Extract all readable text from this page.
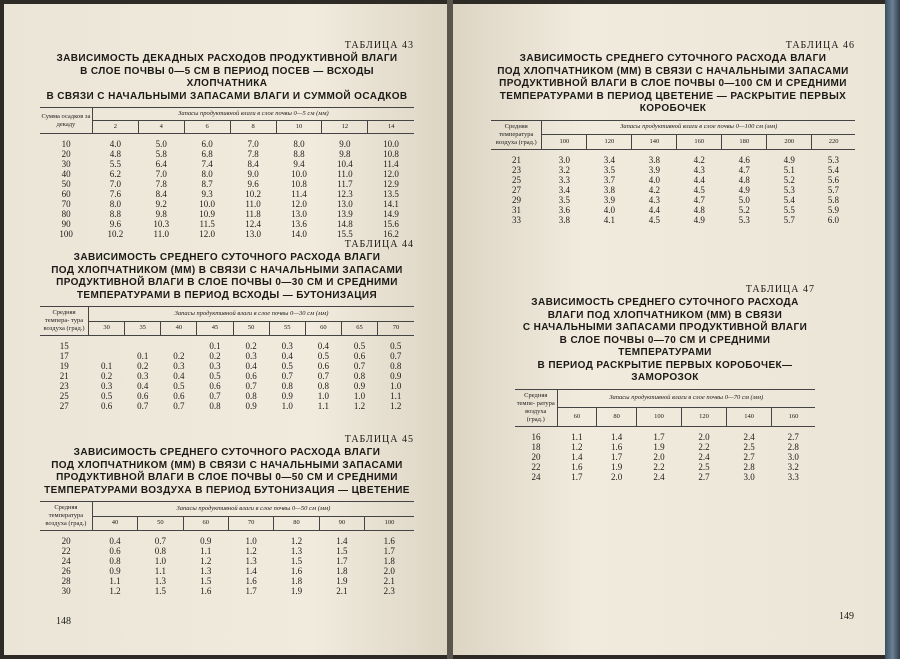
ТАБЛИЦА 43
ЗАВИСИМОСТЬ ДЕКАДНЫХ РАСХОДОВ ПРОДУКТИВНОЙ ВЛАГИ
В СЛОЕ ПОЧВЫ 0—5 СМ В ПЕРИОД ПОСЕВ — ВСХОДЫ ХЛОПЧАТНИКА
В СВЯЗИ С НАЧАЛЬНЫМИ ЗАПАСАМИ ВЛАГИ И СУММОЙ ОСАДКОВ
Сумма осадков за декаду	Запасы продуктивной влаги в слое почвы 0—5 см (мм)						
	2	4	6	8	10	12	14
10	4.0	5.0	6.0	7.0	8.0	9.0	10.0
20	4.8	5.8	6.8	7.8	8.8	9.8	10.8
30	5.5	6.4	7.4	8.4	9.4	10.4	11.4
40	6.2	7.0	8.0	9.0	10.0	11.0	12.0
50	7.0	7.8	8.7	9.6	10.8	11.7	12.9
60	7.6	8.4	9.3	10.2	11.4	12.3	13.5
70	8.0	9.2	10.0	11.0	12.0	13.0	14.1
80	8.8	9.8	10.9	11.8	13.0	13.9	14.9
90	9.6	10.3	11.5	12.4	13.6	14.8	15.6
100	10.2	11.0	12.0	13.0	14.0	15.5	16.2
ТАБЛИЦА 44
ЗАВИСИМОСТЬ СРЕДНЕГО СУТОЧНОГО РАСХОДА ВЛАГИ
ПОД ХЛОПЧАТНИКОМ (ММ) В СВЯЗИ С НАЧАЛЬНЫМИ ЗАПАСАМИ
ПРОДУКТИВНОЙ ВЛАГИ В СЛОЕ ПОЧВЫ 0—30 СМ И СРЕДНИМИ
ТЕМПЕРАТУРАМИ В ПЕРИОД ВСХОДЫ — БУТОНИЗАЦИЯ
Средняя темпера- тура воздуха (град.)	Запасы продуктивной влаги в слое почвы 0—30 см (мм)								
	30	35	40	45	50	55	60	65	70
15				0.1	0.2	0.3	0.4	0.5	0.5
17		0.1	0.2	0.2	0.3	0.4	0.5	0.6	0.7
19	0.1	0.2	0.3	0.3	0.4	0.5	0.6	0.7	0.8
21	0.2	0.3	0.4	0.5	0.6	0.7	0.7	0.8	0.9
23	0.3	0.4	0.5	0.6	0.7	0.8	0.8	0.9	1.0
25	0.5	0.6	0.6	0.7	0.8	0.9	1.0	1.0	1.1
27	0.6	0.7	0.7	0.8	0.9	1.0	1.1	1.2	1.2
ТАБЛИЦА 45
ЗАВИСИМОСТЬ СРЕДНЕГО СУТОЧНОГО РАСХОДА ВЛАГИ
ПОД ХЛОПЧАТНИКОМ (ММ) В СВЯЗИ С НАЧАЛЬНЫМИ ЗАПАСАМИ
ПРОДУКТИВНОЙ ВЛАГИ В СЛОЕ ПОЧВЫ 0—50 СМ И СРЕДНИМИ
ТЕМПЕРАТУРАМИ ВОЗДУХА В ПЕРИОД БУТОНИЗАЦИЯ — ЦВЕТЕНИЕ
Средняя температура воздуха (град.)	Запасы продуктивной влаги в слое почвы 0—50 см (мм)						
	40	50	60	70	80	90	100
20	0.4	0.7	0.9	1.0	1.2	1.4	1.6
22	0.6	0.8	1.1	1.2	1.3	1.5	1.7
24	0.8	1.0	1.2	1.3	1.5	1.7	1.8
26	0.9	1.1	1.3	1.4	1.6	1.8	2.0
28	1.1	1.3	1.5	1.6	1.8	1.9	2.1
30	1.2	1.5	1.6	1.7	1.9	2.1	2.3
148
ТАБЛИЦА 46
ЗАВИСИМОСТЬ СРЕДНЕГО СУТОЧНОГО РАСХОДА ВЛАГИ
ПОД ХЛОПЧАТНИКОМ (ММ) В СВЯЗИ С НАЧАЛЬНЫМИ ЗАПАСАМИ
ПРОДУКТИВНОЙ ВЛАГИ В СЛОЕ ПОЧВЫ 0—100 СМ И СРЕДНИМИ
ТЕМПЕРАТУРАМИ В ПЕРИОД ЦВЕТЕНИЕ — РАСКРЫТИЕ ПЕРВЫХ
КОРОБОЧЕК
Средняя температура воздуха (град.)	Запасы продуктивной влаги в слое почвы 0—100 см (мм)						
	100	120	140	160	180	200	220
21	3.0	3.4	3.8	4.2	4.6	4.9	5.3
23	3.2	3.5	3.9	4.3	4.7	5.1	5.4
25	3.3	3.7	4.0	4.4	4.8	5.2	5.6
27	3.4	3.8	4.2	4.5	4.9	5.3	5.7
29	3.5	3.9	4.3	4.7	5.0	5.4	5.8
31	3.6	4.0	4.4	4.8	5.2	5.5	5.9
33	3.8	4.1	4.5	4.9	5.3	5.7	6.0
ТАБЛИЦА 47
ЗАВИСИМОСТЬ СРЕДНЕГО СУТОЧНОГО РАСХОДА
ВЛАГИ ПОД ХЛОПЧАТНИКОМ (ММ) В СВЯЗИ
С НАЧАЛЬНЫМИ ЗАПАСАМИ ПРОДУКТИВНОЙ ВЛАГИ
В СЛОЕ ПОЧВЫ 0—70 СМ И СРЕДНИМИ ТЕМПЕРАТУРАМИ
В ПЕРИОД РАСКРЫТИЕ ПЕРВЫХ КОРОБОЧЕК—ЗАМОРОЗОК
Средняя темпе- ратура воздуха (град.)	Запасы продуктивной влаги в слое почвы 0—70 см (мм)					
	60	80	100	120	140	160
16	1.1	1.4	1.7	2.0	2.4	2.7
18	1.2	1.6	1.9	2.2	2.5	2.8
20	1.4	1.7	2.0	2.4	2.7	3.0
22	1.6	1.9	2.2	2.5	2.8	3.2
24	1.7	2.0	2.4	2.7	3.0	3.3
149
